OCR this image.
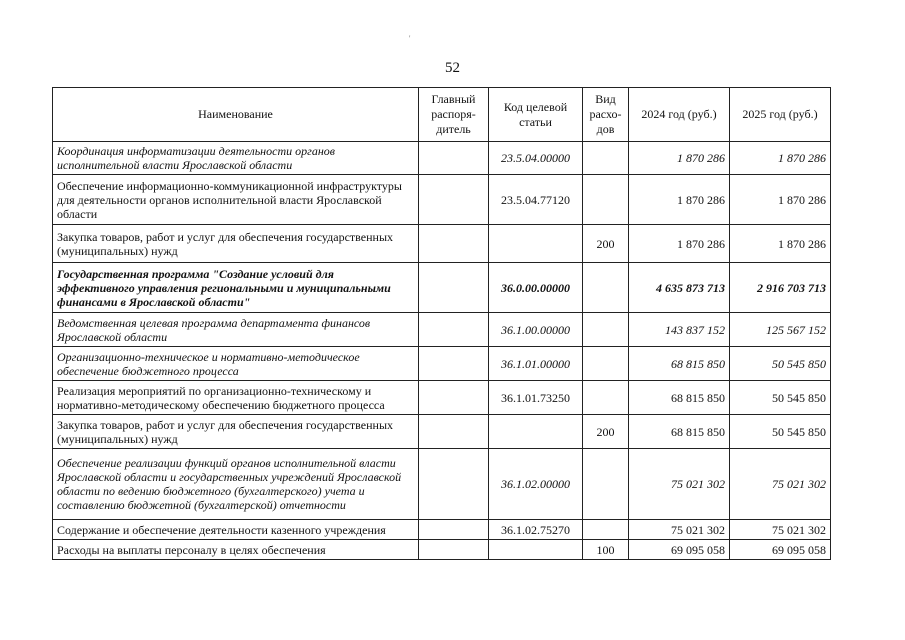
'
52
Наименование	Главный распоря-дитель	Код целевой статьи	Вид расхо-дов	2024 год (руб.)	2025 год (руб.)
Координация информатизации деятельности органов исполнительной власти Ярославской области		23.5.04.00000		1 870 286	1 870 286
Обеспечение информационно-коммуникационной инфраструктуры для деятельности органов исполнительной власти Ярославской области		23.5.04.77120		1 870 286	1 870 286
Закупка товаров, работ и услуг для обеспечения государственных (муниципальных) нужд			200	1 870 286	1 870 286
Государственная программа "Создание условий для эффективного управления региональными и муниципальными финансами в Ярославской области"		36.0.00.00000		4 635 873 713	2 916 703 713
Ведомственная целевая программа департамента финансов Ярославской области		36.1.00.00000		143 837 152	125 567 152
Организационно-техническое и нормативно-методическое обеспечение бюджетного процесса		36.1.01.00000		68 815 850	50 545 850
Реализация мероприятий по организационно-техническому и нормативно-методическому обеспечению бюджетного процесса		36.1.01.73250		68 815 850	50 545 850
Закупка товаров, работ и услуг для обеспечения государственных (муниципальных) нужд			200	68 815 850	50 545 850
Обеспечение реализации функций органов исполнительной власти Ярославской области и государственных учреждений Ярославской области по ведению бюджетного (бухгалтерского) учета и составлению бюджетной (бухгалтерской) отчетности		36.1.02.00000		75 021 302	75 021 302
Содержание и обеспечение деятельности казенного учреждения		36.1.02.75270		75 021 302	75 021 302
Расходы на выплаты персоналу в целях обеспечения			100	69 095 058	69 095 058
